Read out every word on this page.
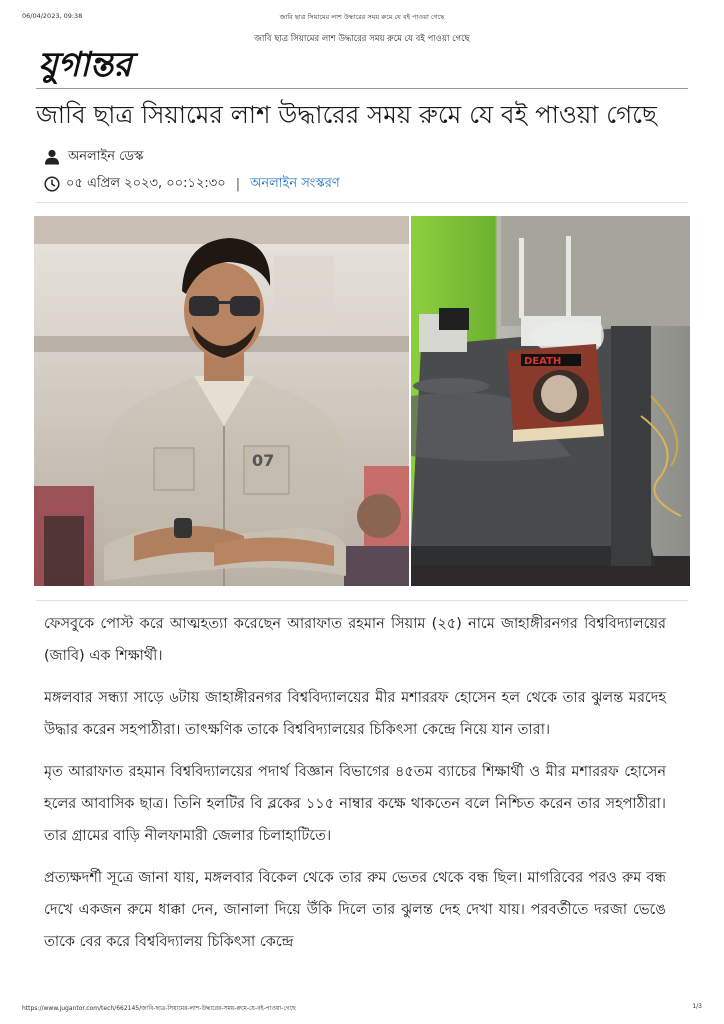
06/04/2023, 09:38	জাবি ছাত্র সিয়ামের লাশ উদ্ধারের সময় রুমে যে বই পাওয়া গেছে
জাবি ছাত্র সিয়ামের লাশ উদ্ধারের সময় রুমে যে বই পাওয়া গেছে
যুগান্তর
জাবি ছাত্র সিয়ামের লাশ উদ্ধারের সময় রুমে যে বই পাওয়া গেছে
অনলাইন ডেস্ক
০৫ এপ্রিল ২০২৩, ০০:১২:৩০ | অনলাইন সংস্করণ
07
DEATH

ফেসবুকে পোস্ট করে আত্মহত্যা করেছেন আরাফাত রহমান সিয়াম (২৫) নামে জাহাঙ্গীরনগর বিশ্ববিদ্যালয়ের (জাবি) এক শিক্ষার্থী।

মঙ্গলবার সন্ধ্যা সাড়ে ৬টায় জাহাঙ্গীরনগর বিশ্ববিদ্যালয়ের মীর মশাররফ হোসেন হল থেকে তার ঝুলন্ত মরদেহ উদ্ধার করেন সহপাঠীরা। তাৎক্ষণিক তাকে বিশ্ববিদ্যালয়ের চিকিৎসা কেন্দ্রে নিয়ে যান তারা।

মৃত আরাফাত রহমান বিশ্ববিদ্যালয়ের পদার্থ বিজ্ঞান বিভাগের ৪৫তম ব্যাচের শিক্ষার্থী ও মীর মশাররফ হোসেন হলের আবাসিক ছাত্র। তিনি হলটির বি ব্লকের ১১৫ নাম্বার কক্ষে থাকতেন বলে নিশ্চিত করেন তার সহপাঠীরা। তার গ্রামের বাড়ি নীলফামারী জেলার চিলাহাটিতে।

প্রত্যক্ষদর্শী সূত্রে জানা যায়, মঙ্গলবার বিকেল থেকে তার রুম ভেতর থেকে বন্ধ ছিল। মাগরিবের পরও রুম বন্ধ দেখে একজন রুমে ধাক্কা দেন, জানালা দিয়ে উঁকি দিলে তার ঝুলন্ত দেহ দেখা যায়। পরবর্তীতে দরজা ভেঙে তাকে বের করে বিশ্ববিদ্যালয় চিকিৎসা কেন্দ্রে

https://www.jugantor.com/tech/662145/জাবি-ছাত্র-সিয়ামের-লাশ-উদ্ধারের-সময়-রুমে-যে-বই-পাওয়া-গেছে	1/3
